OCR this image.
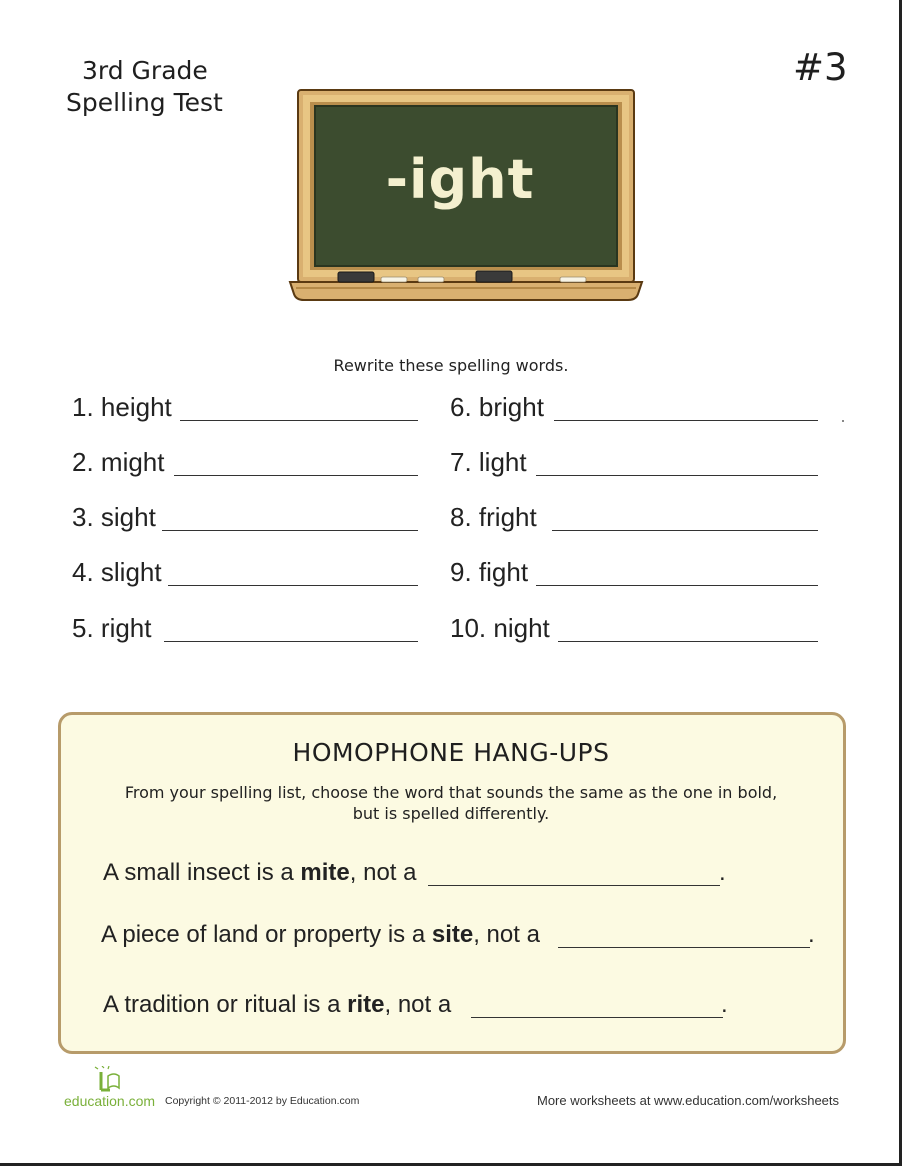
3rd Grade
Spelling Test
#3
-ight
Rewrite these spelling words.
1. height
2. might
3. sight
4. slight
5. right
6. bright
7. light
8. fright
9. fight
10. night
HOMOPHONE HANG-UPS
From your spelling list, choose the word that sounds the same as the one in bold,
but is spelled differently.
A small insect is a mite, not a	.
A piece of land or property is a site, not a	.
A tradition or ritual is a rite, not a	.
education.com Copyright © 2011-2012 by Education.com	More worksheets at www.education.com/worksheets
